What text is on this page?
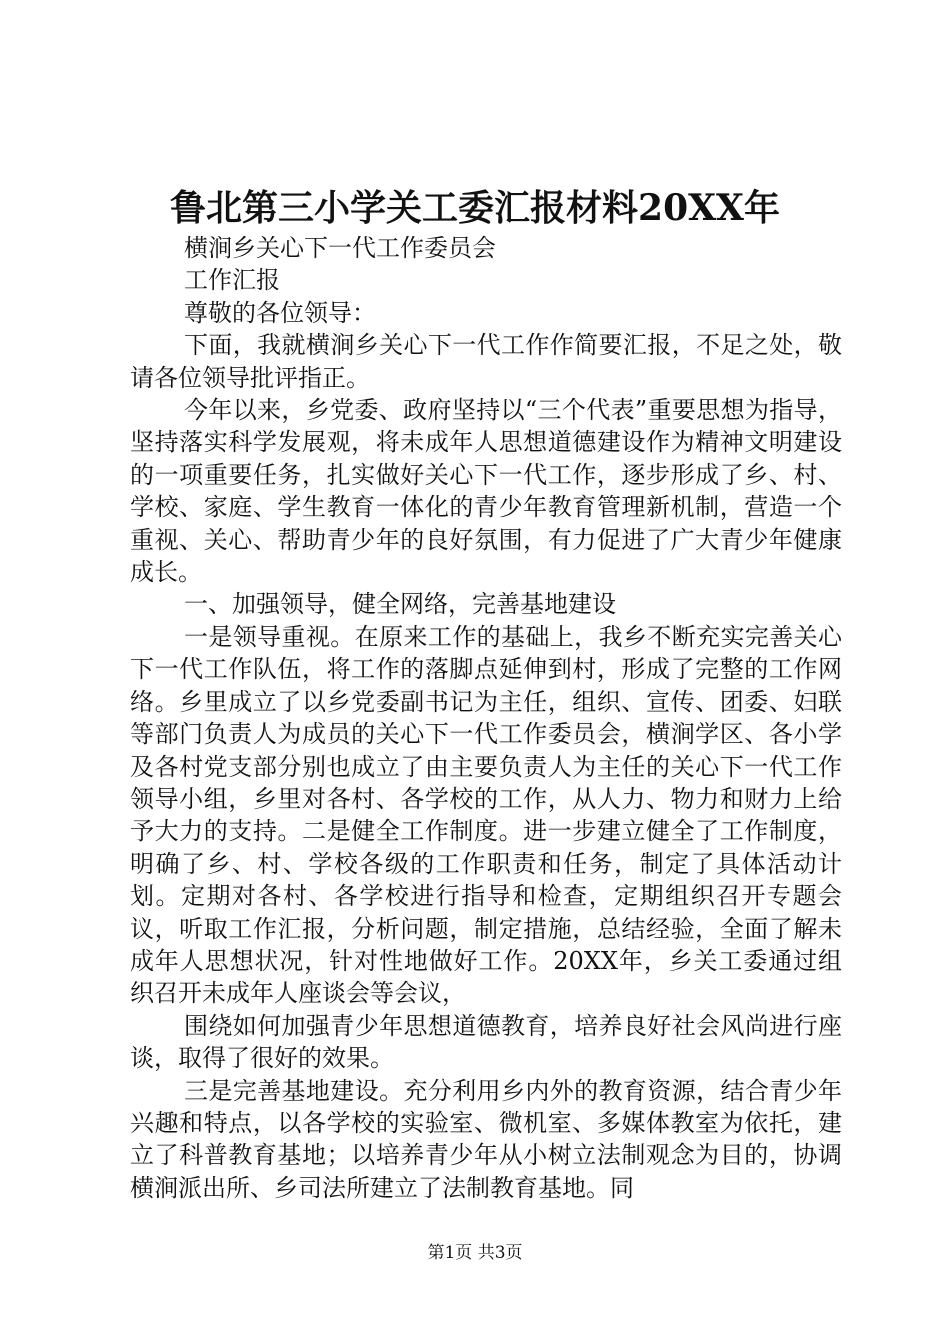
鲁北第三小学关工委汇报材料20XX年

横涧乡关心下一代工作委员会

工作汇报

尊敬的各位领导：

下面，我就横涧乡关心下一代工作作简要汇报，不足之处，敬请各位领导批评指正。

今年以来，乡党委、政府坚持以“三个代表”重要思想为指导，坚持落实科学发展观，将未成年人思想道德建设作为精神文明建设的一项重要任务，扎实做好关心下一代工作，逐步形成了乡、村、学校、家庭、学生教育一体化的青少年教育管理新机制，营造一个重视、关心、帮助青少年的良好氛围，有力促进了广大青少年健康成长。

一、加强领导，健全网络，完善基地建设

一是领导重视。在原来工作的基础上，我乡不断充实完善关心下一代工作队伍，将工作的落脚点延伸到村，形成了完整的工作网络。乡里成立了以乡党委副书记为主任，组织、宣传、团委、妇联等部门负责人为成员的关心下一代工作委员会，横涧学区、各小学及各村党支部分别也成立了由主要负责人为主任的关心下一代工作领导小组，乡里对各村、各学校的工作，从人力、物力和财力上给予大力的支持。二是健全工作制度。进一步建立健全了工作制度，明确了乡、村、学校各级的工作职责和任务，制定了具体活动计划。定期对各村、各学校进行指导和检查，定期组织召开专题会议，听取工作汇报，分析问题，制定措施，总结经验，全面了解未成年人思想状况，针对性地做好工作。20XX年，乡关工委通过组织召开未成年人座谈会等会议，

围绕如何加强青少年思想道德教育，培养良好社会风尚进行座谈，取得了很好的效果。

三是完善基地建设。充分利用乡内外的教育资源，结合青少年兴趣和特点，以各学校的实验室、微机室、多媒体教室为依托，建立了科普教育基地；以培养青少年从小树立法制观念为目的，协调横涧派出所、乡司法所建立了法制教育基地。同

第1页 共3页
